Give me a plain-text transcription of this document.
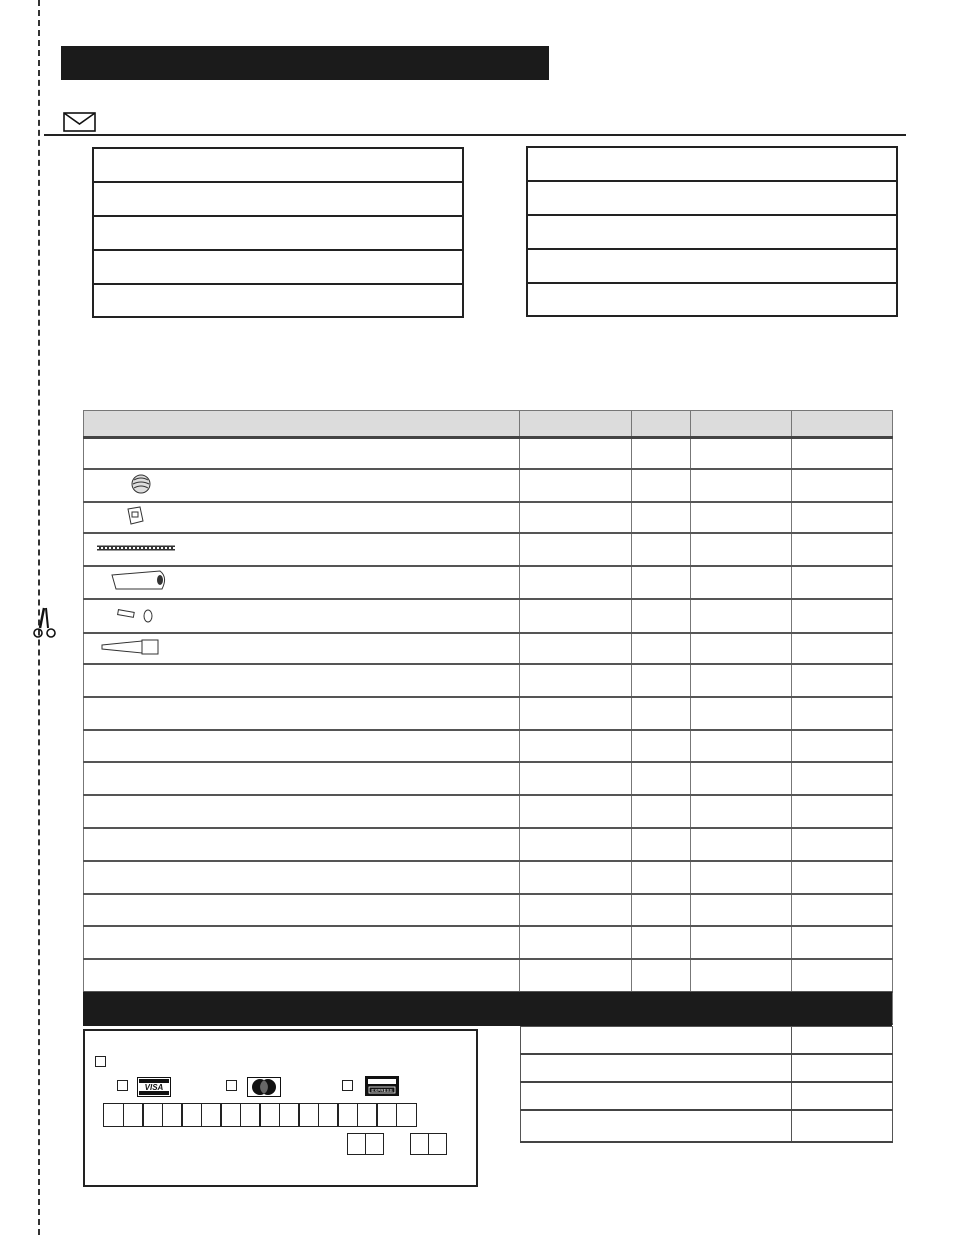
VISA	EXPRESS
